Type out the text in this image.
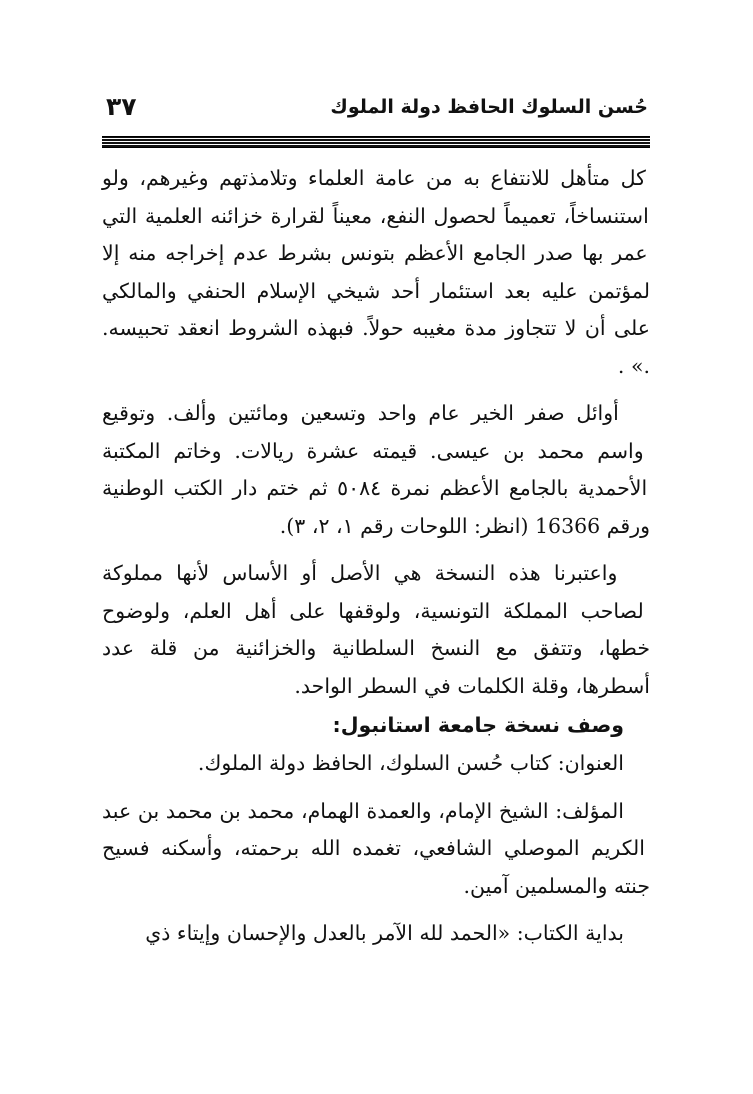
حُسن السلوك الحافظ دولة الملوك
٣٧

كل متأهل للانتفاع به من عامة العلماء وتلامذتهم وغيرهم، ولو استنساخاً، تعميماً لحصول النفع، معيناً لقرارة خزائنه العلمية التي عمر بها صدر الجامع الأعظم بتونس بشرط عدم إخراجه منه إلا لمؤتمن عليه بعد استئمار أحد شيخي الإسلام الحنفي والمالكي على أن لا تتجاوز مدة مغيبه حولاً. فبهذه الشروط انعقد تحبيسه. .» .

أوائل صفر الخير عام واحد وتسعين ومائتين وألف. وتوقيع واسم محمد بن عيسى. قيمته عشرة ريالات. وخاتم المكتبة الأحمدية بالجامع الأعظم نمرة ٥٠٨٤ ثم ختم دار الكتب الوطنية ورقم 16366 (انظر: اللوحات رقم ١، ٢، ٣).

واعتبرنا هذه النسخة هي الأصل أو الأساس لأنها مملوكة لصاحب المملكة التونسية، ولوقفها على أهل العلم، ولوضوح خطها، وتتفق مع النسخ السلطانية والخزائنية من قلة عدد أسطرها، وقلة الكلمات في السطر الواحد.

وصف نسخة جامعة استانبول:

العنوان: كتاب حُسن السلوك، الحافظ دولة الملوك.

المؤلف: الشيخ الإمام، والعمدة الهمام، محمد بن محمد بن عبد الكريم الموصلي الشافعي، تغمده الله برحمته، وأسكنه فسيح جنته والمسلمين آمين.

بداية الكتاب: «الحمد لله الآمر بالعدل والإحسان وإيتاء ذي
